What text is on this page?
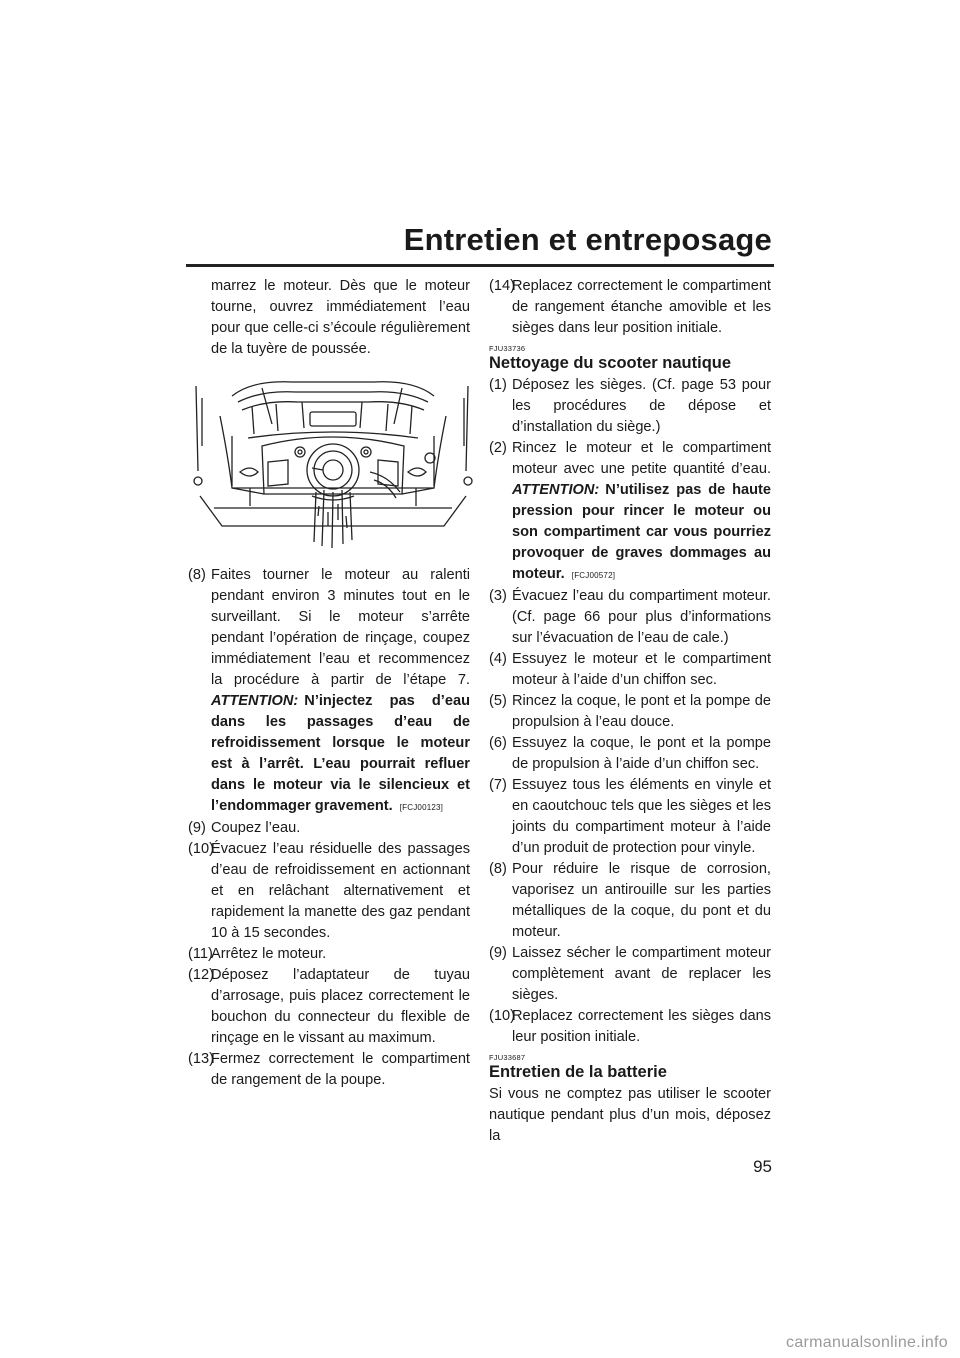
Entretien et entreposage

marrez le moteur. Dès que le moteur tourne, ouvrez immédiatement l’eau pour que celle-ci s’écoule régulièrement de la tuyère de poussée.

(8) Faites tourner le moteur au ralenti pendant environ 3 minutes tout en le surveillant. Si le moteur s’arrête pendant l’opération de rinçage, coupez immédiatement l’eau et recommencez la procédure à partir de l’étape 7. ATTENTION: N’injectez pas d’eau dans les passages d’eau de refroidissement lorsque le moteur est à l’arrêt. L’eau pourrait refluer dans le moteur via le silencieux et l’endommager gravement. [FCJ00123]
(9) Coupez l’eau.
(10)
Évacuez l’eau résiduelle des passages d’eau de refroidissement en actionnant et en relâchant alternativement et rapidement la manette des gaz pendant 10 à 15 secondes.
(11)
Arrêtez le moteur.
(12)
Déposez l’adaptateur de tuyau d’arrosage, puis placez correctement le bouchon du connecteur du flexible de rinçage en le vissant au maximum.
(13)
Fermez correctement le compartiment de rangement de la poupe.
(14)
Replacez correctement le compartiment de rangement étanche amovible et les sièges dans leur position initiale.
FJU33736
Nettoyage du scooter nautique
(1) Déposez les sièges. (Cf. page 53 pour les procédures de dépose et d’installation du siège.)
(2) Rincez le moteur et le compartiment moteur avec une petite quantité d’eau. ATTENTION: N’utilisez pas de haute pression pour rincer le moteur ou son compartiment car vous pourriez provoquer de graves dommages au moteur. [FCJ00572]
(3) Évacuez l’eau du compartiment moteur. (Cf. page 66 pour plus d’informations sur l’évacuation de l’eau de cale.)
(4) Essuyez le moteur et le compartiment moteur à l’aide d’un chiffon sec.
(5) Rincez la coque, le pont et la pompe de propulsion à l’eau douce.
(6) Essuyez la coque, le pont et la pompe de propulsion à l’aide d’un chiffon sec.
(7) Essuyez tous les éléments en vinyle et en caoutchouc tels que les sièges et les joints du compartiment moteur à l’aide d’un produit de protection pour vinyle.
(8) Pour réduire le risque de corrosion, vaporisez un antirouille sur les parties métalliques de la coque, du pont et du moteur.
(9) Laissez sécher le compartiment moteur complètement avant de replacer les sièges.
(10)
Replacez correctement les sièges dans leur position initiale.
FJU33687
Entretien de la batterie

Si vous ne comptez pas utiliser le scooter nautique pendant plus d’un mois, déposez la

95
carmanualsonline.info
